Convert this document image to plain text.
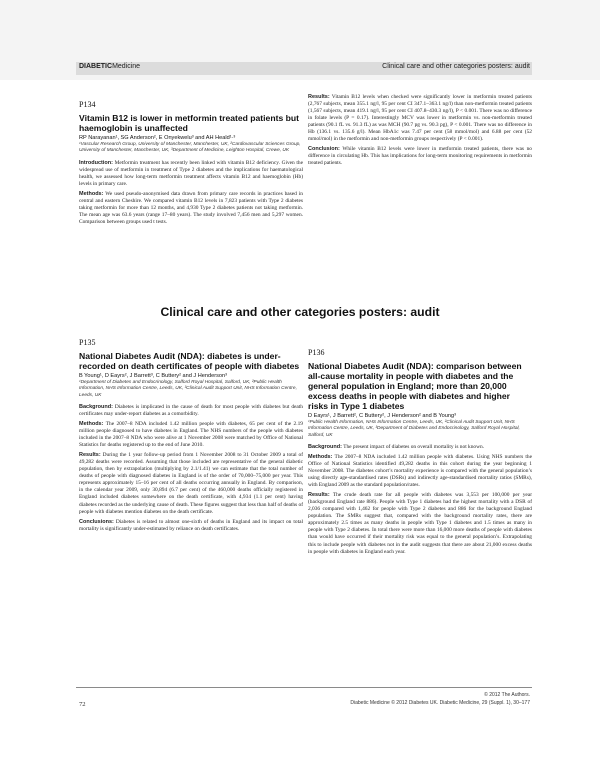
DIABETICMedicine	Clinical care and other categories posters: audit
P134
Vitamin B12 is lower in metformin treated patients but haemoglobin is unaffected
RP Narayanan¹, SG Anderson², E Onyekwelu³ and AH Heald¹·³
¹Vascular Research Group, University of Manchester, Manchester, UK, ²Cardiovascular Sciences Group, University of Manchester, Manchester, UK, ³Department of Medicine, Leighton Hospital, Crewe, UK

Introduction: Metformin treatment has recently been linked with vitamin B12 deficiency. Given the widespread use of metformin in treatment of Type 2 diabetes and the implications for haematological health, we assessed how long-term metformin treatment affects vitamin B12 and haemoglobin (Hb) levels in primary care.

Methods: We used pseudo-anonymised data drawn from primary care records in practices based in central and eastern Cheshire. We compared vitamin B12 levels in 7,823 patients with Type 2 diabetes taking metformin for more than 12 months, and 4,930 Type 2 diabetes patients not taking metformin. The mean age was 63.6 years (range 17–80 years). The study involved 7,456 men and 5,297 women. Comparison between groups used t tests.

Results: Vitamin B12 levels when checked were significantly lower in metformin treated patients (2,767 subjects, mean 355.1 ng/l, 95 per cent CI 347.1–363.1 ng/l) than non-metformin treated patients (1,567 subjects, mean 419.1 ng/l, 95 per cent CI 407.8–430.3 ng/l), P < 0.001. There was no difference in folate levels (P = 0.17). Interestingly MCV was lower in metformin vs. non-metformin treated patients (90.1 fL vs. 91.3 fL) as was MCH (90.7 pg vs. 90.3 pg), P < 0.001. There was no difference in Hb (136.1 vs. 135.6 g/l). Mean HbA1c was 7.47 per cent (58 mmol/mol) and 6.88 per cent (52 mmol/mol) in the metformin and non-metformin groups respectively (P < 0.001).

Conclusion: While vitamin B12 levels were lower in metformin treated patients, there was no difference in circulating Hb. This has implications for long-term monitoring requirements in metformin treated patients.

Clinical care and other categories posters: audit
P135
National Diabetes Audit (NDA): diabetes is under-recorded on death certificates of people with diabetes
B Young¹, D Eayrs², J Barrett³, C Buttery² and J Henderson³
¹Department of Diabetes and Endocrinology, Salford Royal Hospital, Salford, UK, ²Public Health Information, NHS Information Centre, Leeds, UK, ³Clinical Audit Support Unit, NHS Information Centre, Leeds, UK

Background: Diabetes is implicated in the cause of death for most people with diabetes but death certificates may under-report diabetes as a comorbidity.

Methods: The 2007–8 NDA included 1.42 million people with diabetes, 65 per cent of the 2.19 million people diagnosed to have diabetes in England. The NHS numbers of the people with diabetes included in the 2007–8 NDA who were alive at 1 November 2008 were matched by Office of National Statistics for deaths registered up to the end of June 2010.

Results: During the 1 year follow-up period from 1 November 2008 to 31 October 2009 a total of 49,282 deaths were recorded. Assuming that those included are representative of the general diabetic population, then by extrapolation (multiplying by 2.1/1.41) we can estimate that the total number of deaths of people with diagnosed diabetes in England is of the order of 70,000–75,000 per year. This represents approximately 15–16 per cent of all deaths occurring annually in England. By comparison, in the calendar year 2009, only 30,894 (6.7 per cent) of the 460,000 deaths officially registered in England included diabetes somewhere on the death certificate, with 4,934 (1.1 per cent) having diabetes recorded as the underlying cause of death. These figures suggest that less than half of deaths of people with diabetes mention diabetes on the death certificate.

Conclusions: Diabetes is related to almost one-sixth of deaths in England and its impact on total mortality is significantly under-estimated by reliance on death certificates.

P136
National Diabetes Audit (NDA): comparison between all-cause mortality in people with diabetes and the general population in England; more than 20,000 excess deaths in people with diabetes and higher risks in Type 1 diabetes
D Eayrs¹, J Barrett², C Buttery², J Henderson² and B Young³
¹Public Health Information, NHS Information Centre, Leeds, UK, ²Clinical Audit Support Unit, NHS Information Centre, Leeds, UK, ³Department of Diabetes and Endocrinology, Salford Royal Hospital, Salford, UK

Background: The present impact of diabetes on overall mortality is not known.

Methods: The 2007–8 NDA included 1.42 million people with diabetes. Using NHS numbers the Office of National Statistics identified 49,282 deaths in this cohort during the year beginning 1 November 2008. The diabetes cohort’s mortality experience is compared with the general population’s using directly age-standardised rates (DSRs) and indirectly age-standardised mortality ratios (SMRs), with England 2009 as the standard population/rates.

Results: The crude death rate for all people with diabetes was 3,553 per 100,000 per year (background England rate 886). People with Type 1 diabetes had the highest mortality with a DSR of 2,036 compared with 1,462 for people with Type 2 diabetes and 886 for the background England population. The SMRs suggest that, compared with the background mortality rates, there are approximately 2.5 times as many deaths in people with Type 1 diabetes and 1.5 times as many in people with Type 2 diabetes. In total there were more than 16,000 more deaths of people with diabetes than would have occurred if their mortality risk was equal to the general population’s. Extrapolating this to include people with diabetes not in the audit suggests that there are about 21,000 excess deaths in people with diabetes in England each year.

72
© 2012 The Authors.
Diabetic Medicine © 2012 Diabetes UK. Diabetic Medicine, 29 (Suppl. 1), 30–177
